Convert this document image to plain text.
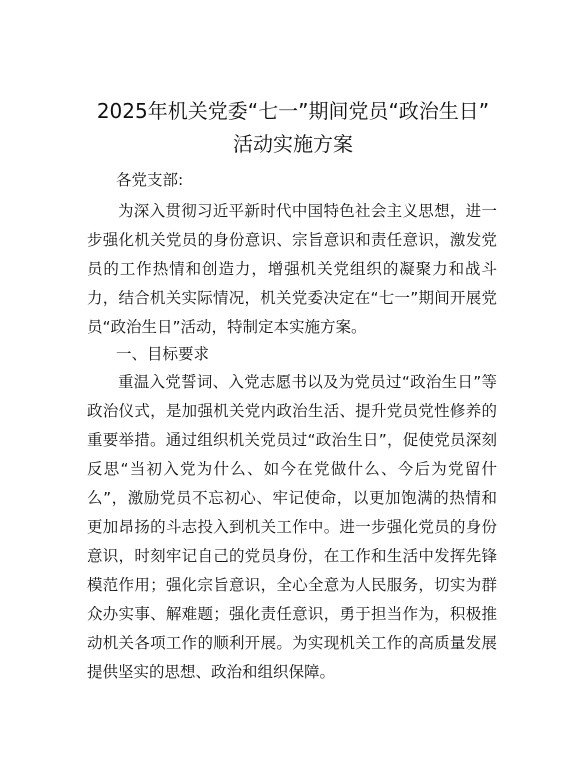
2025年机关党委“七一”期间党员“政治生日”
活动实施方案

各党支部:

为深入贯彻习近平新时代中国特色社会主义思想，进一步强化机关党员的身份意识、宗旨意识和责任意识，激发党员的工作热情和创造力，增强机关党组织的凝聚力和战斗力，结合机关实际情况，机关党委决定在“七一”期间开展党员“政治生日”活动，特制定本实施方案。

一、目标要求

重温入党誓词、入党志愿书以及为党员过“政治生日”等政治仪式，是加强机关党内政治生活、提升党员党性修养的重要举措。通过组织机关党员过“政治生日”，促使党员深刻反思“当初入党为什么、如今在党做什么、今后为党留什么”，激励党员不忘初心、牢记使命，以更加饱满的热情和更加昂扬的斗志投入到机关工作中。进一步强化党员的身份意识，时刻牢记自己的党员身份，在工作和生活中发挥先锋模范作用；强化宗旨意识，全心全意为人民服务，切实为群众办实事、解难题；强化责任意识，勇于担当作为，积极推动机关各项工作的顺利开展。为实现机关工作的高质量发展提供坚实的思想、政治和组织保障。
